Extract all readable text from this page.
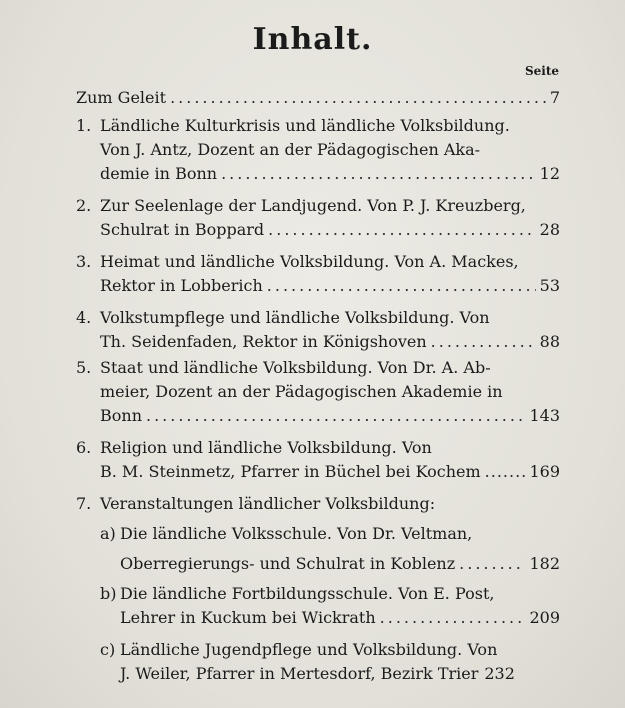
Inhalt.
Seite
Zum Geleit .....	7
1. Ländliche Kulturkrisis und ländliche Volksbildung.
Von J. Antz, Dozent an der Pädagogischen Aka-
demie in Bonn .....	12
2. Zur Seelenlage der Landjugend. Von P. J. Kreuzberg,
Schulrat in Boppard .....	28
3. Heimat und ländliche Volksbildung. Von A. Mackes,
Rektor in Lobberich .....	53
4. Volkstumpflege und ländliche Volksbildung. Von
Th. Seidenfaden, Rektor in Königshoven .....	88
5. Staat und ländliche Volksbildung. Von Dr. A. Ab-
meier, Dozent an der Pädagogischen Akademie in
Bonn .....	143
6. Religion und ländliche Volksbildung. Von
B. M. Steinmetz, Pfarrer in Büchel bei Kochem .....	169
7. Veranstaltungen ländlicher Volksbildung:
a) Die ländliche Volksschule. Von Dr. Veltman,
Oberregierungs- und Schulrat in Koblenz .....	182
b) Die ländliche Fortbildungsschule. Von E. Post,
Lehrer in Kuckum bei Wickrath .....	209
c) Ländliche Jugendpflege und Volksbildung. Von
J. Weiler, Pfarrer in Mertesdorf, Bezirk Trier 232
